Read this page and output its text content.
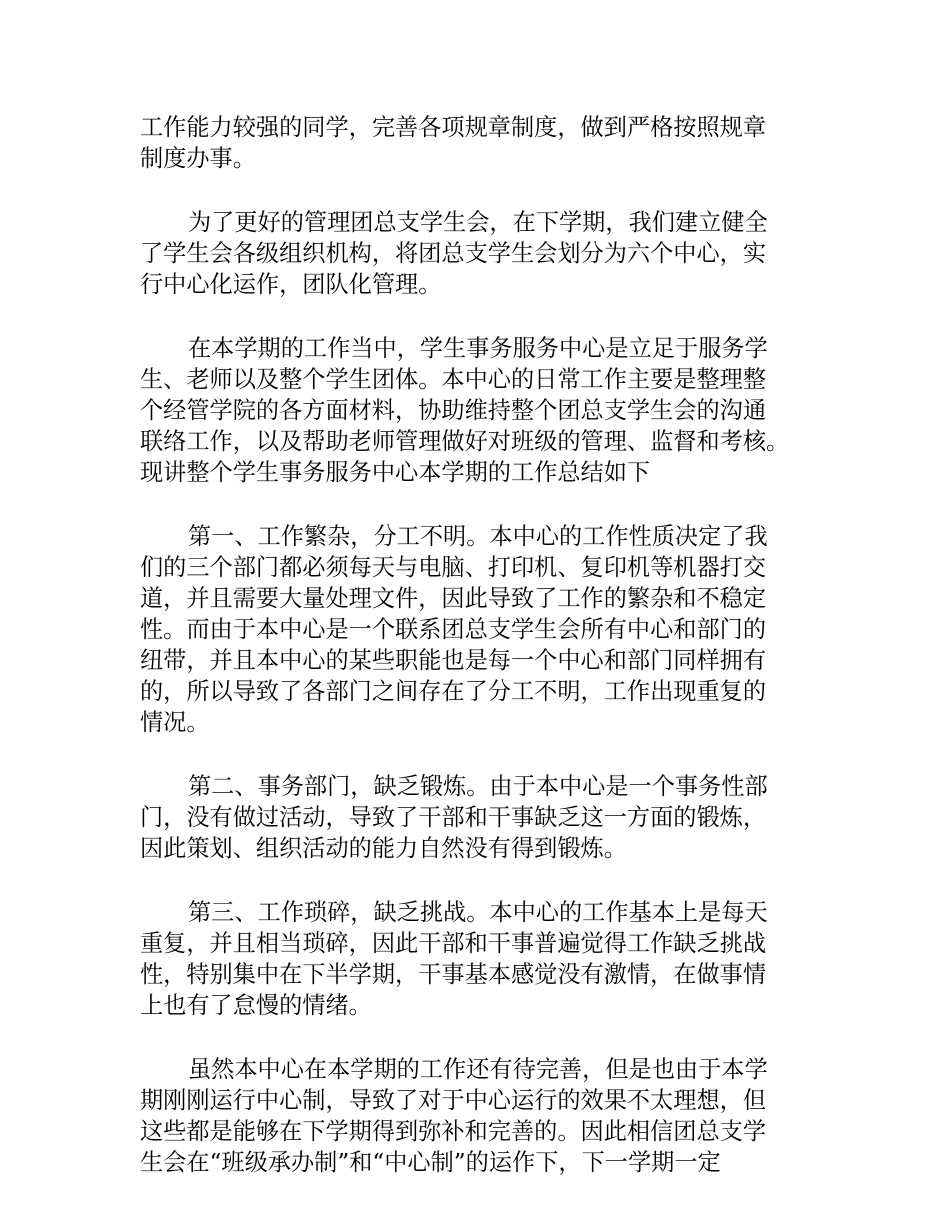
工作能力较强的同学，完善各项规章制度，做到严格按照规章
制度办事。

为了更好的管理团总支学生会，在下学期，我们建立健全
了学生会各级组织机构，将团总支学生会划分为六个中心，实
行中心化运作，团队化管理。

在本学期的工作当中，学生事务服务中心是立足于服务学
生、老师以及整个学生团体。本中心的日常工作主要是整理整
个经管学院的各方面材料，协助维持整个团总支学生会的沟通
联络工作，以及帮助老师管理做好对班级的管理、监督和考核。
现讲整个学生事务服务中心本学期的工作总结如下

第一、工作繁杂，分工不明。本中心的工作性质决定了我
们的三个部门都必须每天与电脑、打印机、复印机等机器打交
道，并且需要大量处理文件，因此导致了工作的繁杂和不稳定
性。而由于本中心是一个联系团总支学生会所有中心和部门的
纽带，并且本中心的某些职能也是每一个中心和部门同样拥有
的，所以导致了各部门之间存在了分工不明，工作出现重复的
情况。

第二、事务部门，缺乏锻炼。由于本中心是一个事务性部
门，没有做过活动，导致了干部和干事缺乏这一方面的锻炼，
因此策划、组织活动的能力自然没有得到锻炼。

第三、工作琐碎，缺乏挑战。本中心的工作基本上是每天
重复，并且相当琐碎，因此干部和干事普遍觉得工作缺乏挑战
性，特别集中在下半学期，干事基本感觉没有激情，在做事情
上也有了怠慢的情绪。

虽然本中心在本学期的工作还有待完善，但是也由于本学
期刚刚运行中心制，导致了对于中心运行的效果不太理想，但
这些都是能够在下学期得到弥补和完善的。因此相信团总支学
生会在“班级承办制”和“中心制”的运作下，下一学期一定
